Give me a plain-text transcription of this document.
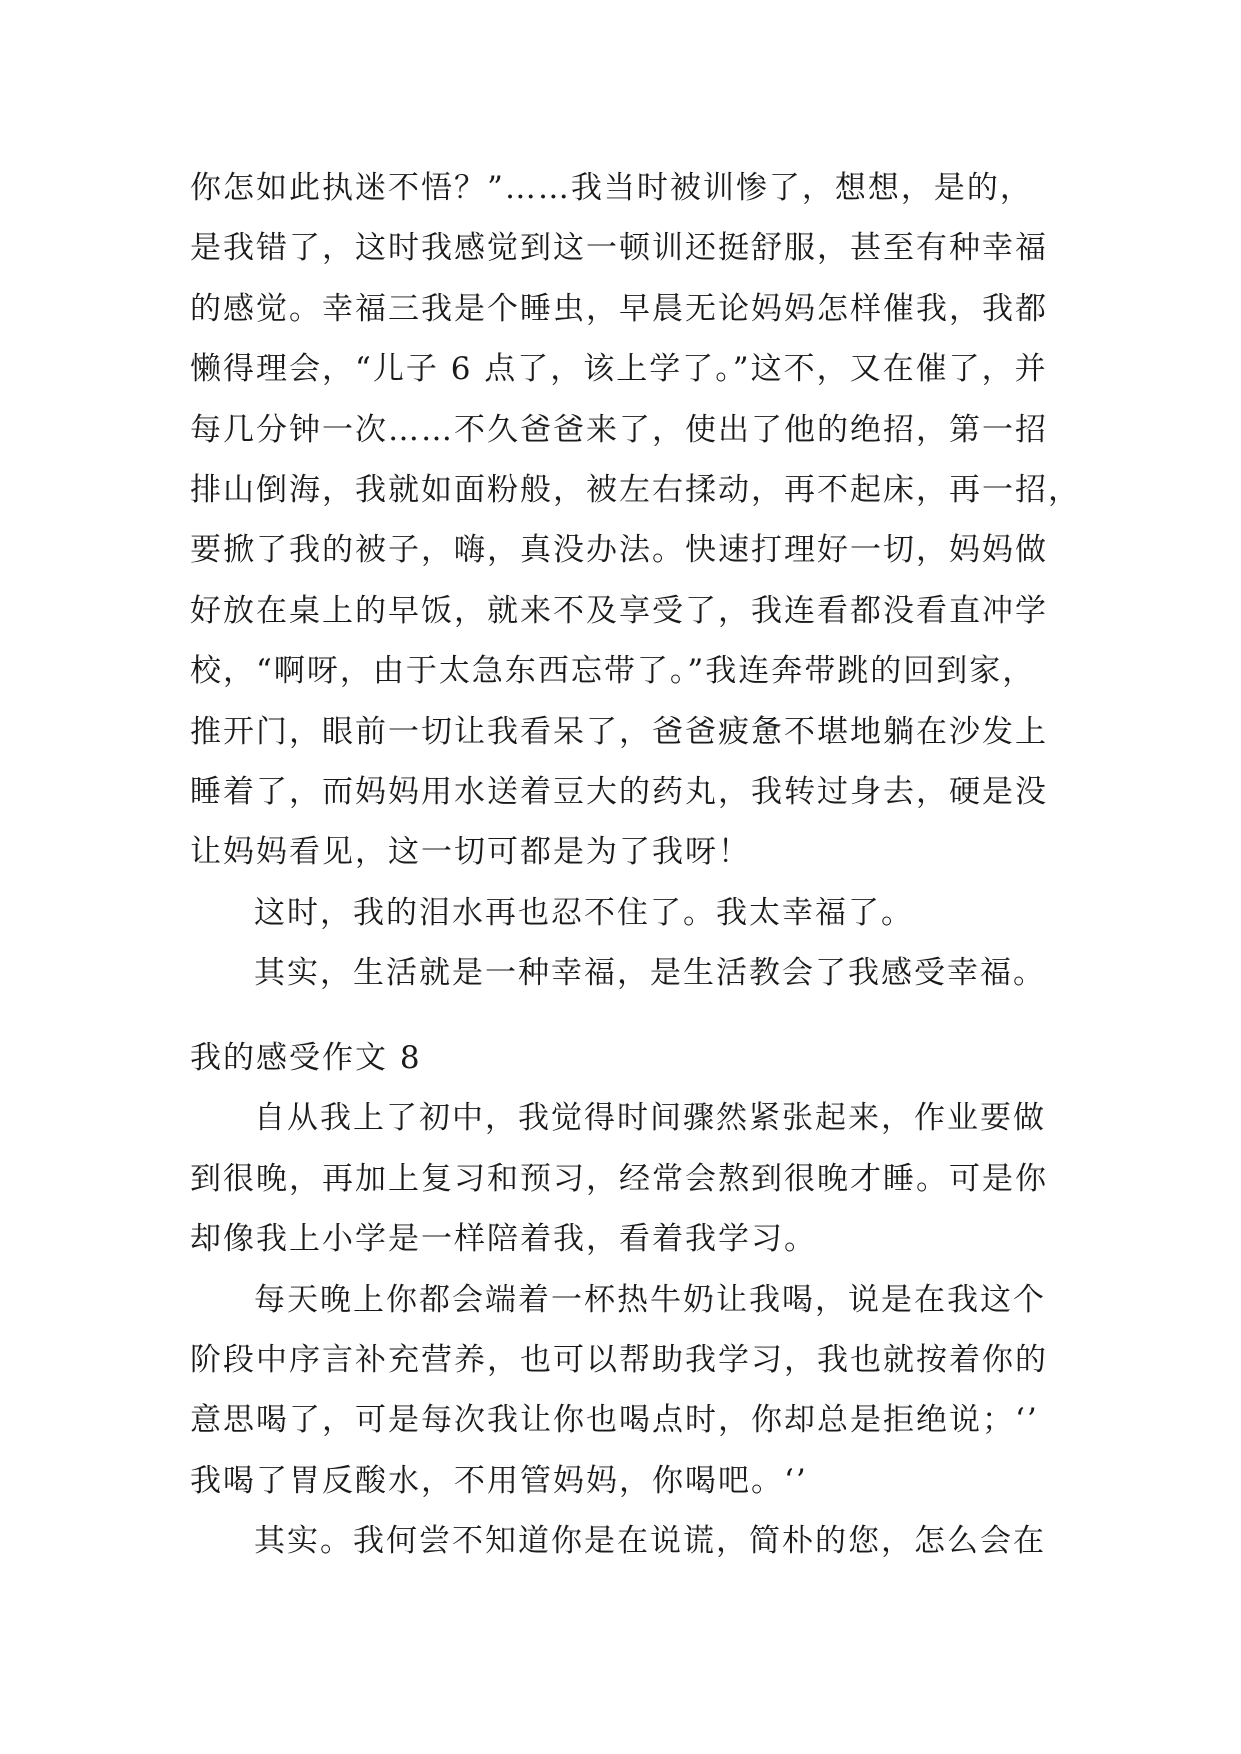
你怎如此执迷不悟？”……我当时被训惨了，想想，是的，
是我错了，这时我感觉到这一顿训还挺舒服，甚至有种幸福
的感觉。幸福三我是个睡虫，早晨无论妈妈怎样催我，我都
懒得理会，“儿子 6 点了，该上学了。”这不，又在催了，并
每几分钟一次……不久爸爸来了，使出了他的绝招，第一招
排山倒海，我就如面粉般，被左右揉动，再不起床，再一招，
要掀了我的被子，嗨，真没办法。快速打理好一切，妈妈做
好放在桌上的早饭，就来不及享受了，我连看都没看直冲学
校，“啊呀，由于太急东西忘带了。”我连奔带跳的回到家，
推开门，眼前一切让我看呆了，爸爸疲惫不堪地躺在沙发上
睡着了，而妈妈用水送着豆大的药丸，我转过身去，硬是没
让妈妈看见，这一切可都是为了我呀！
这时，我的泪水再也忍不住了。我太幸福了。
其实，生活就是一种幸福，是生活教会了我感受幸福。
我的感受作文 8
自从我上了初中，我觉得时间骤然紧张起来，作业要做
到很晚，再加上复习和预习，经常会熬到很晚才睡。可是你
却像我上小学是一样陪着我，看着我学习。
每天晚上你都会端着一杯热牛奶让我喝，说是在我这个
阶段中序言补充营养，也可以帮助我学习，我也就按着你的
意思喝了，可是每次我让你也喝点时，你却总是拒绝说；‘’
我喝了胃反酸水，不用管妈妈，你喝吧。‘’
其实。我何尝不知道你是在说谎，简朴的您，怎么会在
